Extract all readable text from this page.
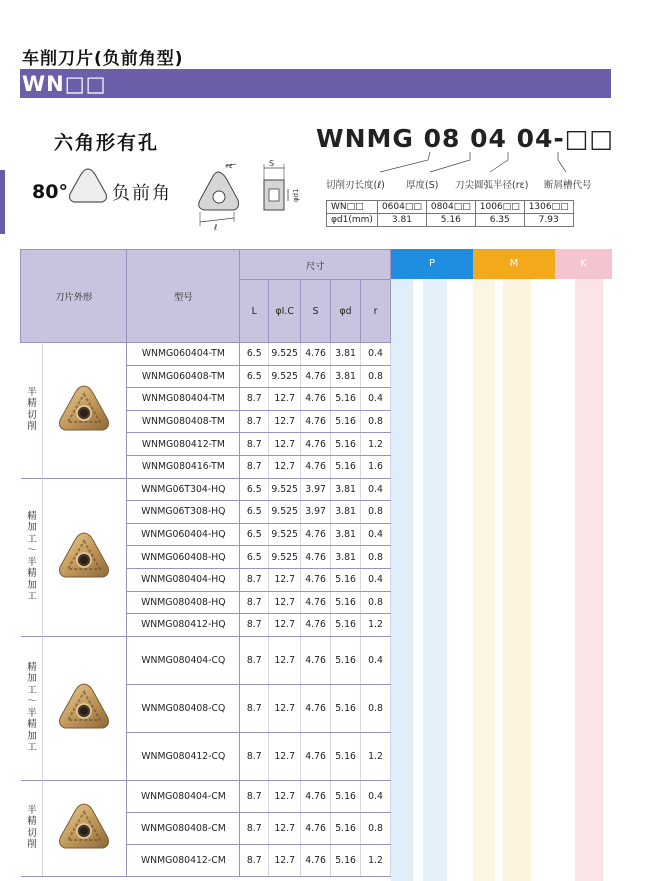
车削刀片(负前角型)
WN□□
六角形有孔
80° 负前角
rε
ℓ
S
φd1
WNMG 08 04 04-□□
切削刃长度(ℓ) 厚度(S) 刀尖圆弧半径(rε) 断屑槽代号
WN□□	0604□□	0804□□	1006□□	1306□□
φd1(mm)	3.81	5.16	6.35	7.93
P	M	K
刀片外形	型号	尺寸				
		L	φI.C	S	φd	r
	WNMG060404-TM	6.5	9.525	4.76	3.81	0.4
	WNMG060408-TM	6.5	9.525	4.76	3.81	0.8
	WNMG080404-TM	8.7	12.7	4.76	5.16	0.4
	WNMG080408-TM	8.7	12.7	4.76	5.16	0.8
	WNMG080412-TM	8.7	12.7	4.76	5.16	1.2
	WNMG080416-TM	8.7	12.7	4.76	5.16	1.6
	WNMG06T304-HQ	6.5	9.525	3.97	3.81	0.4
	WNMG06T308-HQ	6.5	9.525	3.97	3.81	0.8
	WNMG060404-HQ	6.5	9.525	4.76	3.81	0.4
	WNMG060408-HQ	6.5	9.525	4.76	3.81	0.8
	WNMG080404-HQ	8.7	12.7	4.76	5.16	0.4
	WNMG080408-HQ	8.7	12.7	4.76	5.16	0.8
	WNMG080412-HQ	8.7	12.7	4.76	5.16	1.2
	WNMG080404-CQ	8.7	12.7	4.76	5.16	0.4
	WNMG080408-CQ	8.7	12.7	4.76	5.16	0.8
	WNMG080412-CQ	8.7	12.7	4.76	5.16	1.2
	WNMG080404-CM	8.7	12.7	4.76	5.16	0.4
	WNMG080408-CM	8.7	12.7	4.76	5.16	0.8
	WNMG080412-CM	8.7	12.7	4.76	5.16	1.2
半精切削
精加工～半精加工
精加工～半精加工
半精切削
